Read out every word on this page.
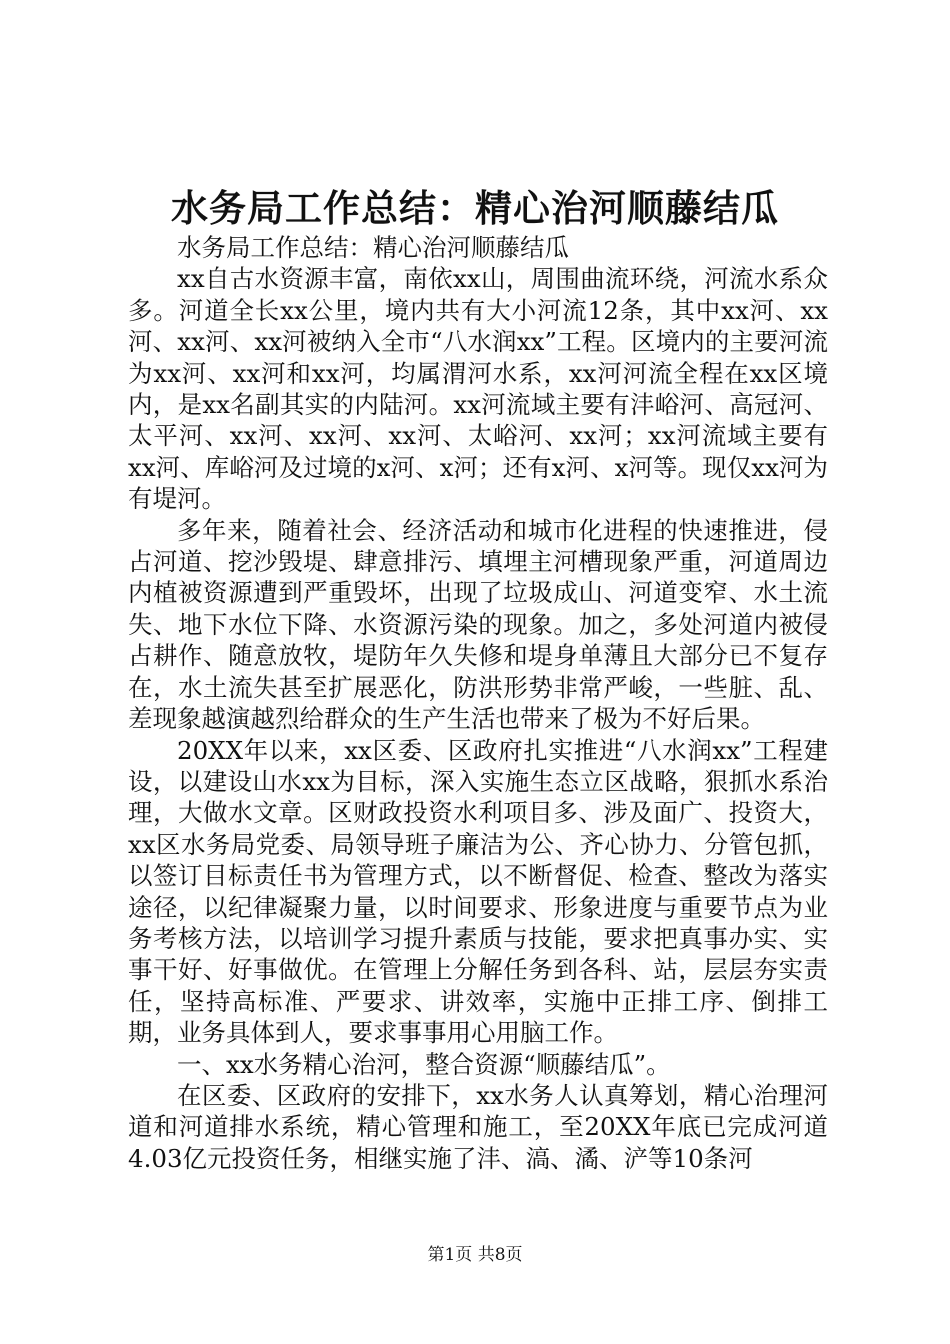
水务局工作总结：精心治河顺藤结瓜

水务局工作总结：精心治河顺藤结瓜

xx自古水资源丰富，南依xx山，周围曲流环绕，河流水系众多。河道全长xx公里，境内共有大小河流12条，其中xx河、xx河、xx河、xx河被纳入全市“八水润xx”工程。区境内的主要河流为xx河、xx河和xx河，均属渭河水系，xx河河流全程在xx区境内，是xx名副其实的内陆河。xx河流域主要有沣峪河、高冠河、太平河、xx河、xx河、xx河、太峪河、xx河；xx河流域主要有xx河、库峪河及过境的x河、x河；还有x河、x河等。现仅xx河为有堤河。

多年来，随着社会、经济活动和城市化进程的快速推进，侵占河道、挖沙毁堤、肆意排污、填埋主河槽现象严重，河道周边内植被资源遭到严重毁坏，出现了垃圾成山、河道变窄、水土流失、地下水位下降、水资源污染的现象。加之，多处河道内被侵占耕作、随意放牧，堤防年久失修和堤身单薄且大部分已不复存在，水土流失甚至扩展恶化，防洪形势非常严峻，一些脏、乱、差现象越演越烈给群众的生产生活也带来了极为不好后果。

20XX年以来，xx区委、区政府扎实推进“八水润xx”工程建设，以建设山水xx为目标，深入实施生态立区战略，狠抓水系治理，大做水文章。区财政投资水利项目多、涉及面广、投资大，xx区水务局党委、局领导班子廉洁为公、齐心协力、分管包抓，以签订目标责任书为管理方式，以不断督促、检查、整改为落实途径，以纪律凝聚力量，以时间要求、形象进度与重要节点为业务考核方法，以培训学习提升素质与技能，要求把真事办实、实事干好、好事做优。在管理上分解任务到各科、站，层层夯实责任，坚持高标准、严要求、讲效率，实施中正排工序、倒排工期，业务具体到人，要求事事用心用脑工作。

一、xx水务精心治河，整合资源“顺藤结瓜”。

在区委、区政府的安排下，xx水务人认真筹划，精心治理河道和河道排水系统，精心管理和施工，至20XX年底已完成河道4.03亿元投资任务，相继实施了沣、滈、潏、浐等10条河

第1页 共8页
